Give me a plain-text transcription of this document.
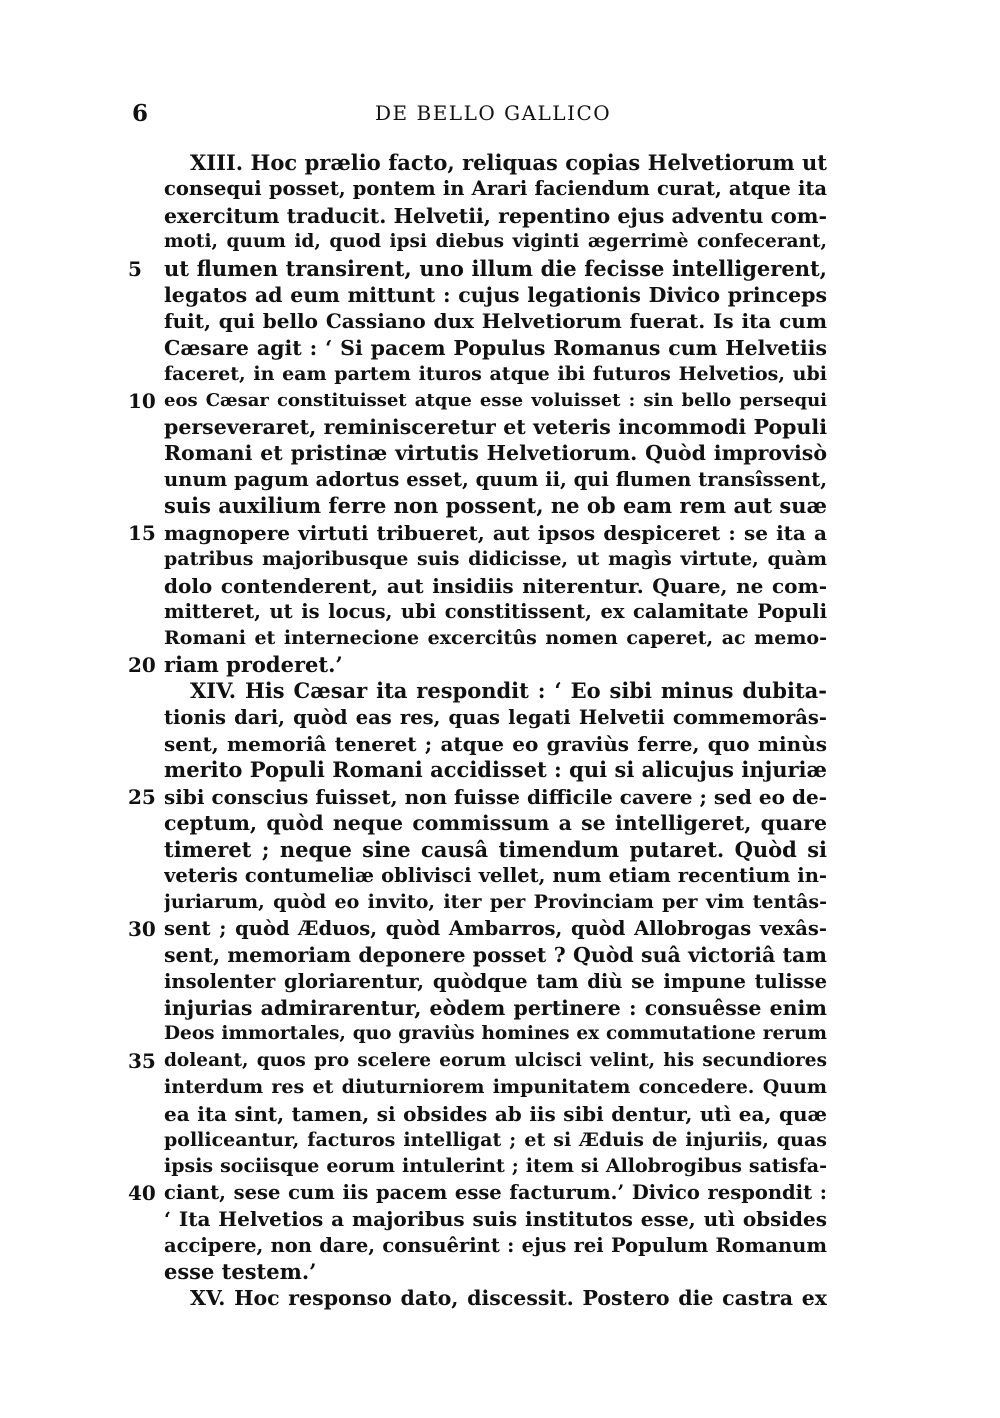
6	DE BELLO GALLICO
XIII. Hoc prælio facto, reliquas copias Helvetiorum ut
consequi posset, pontem in Arari faciendum curat, atque ita
exercitum traducit. Helvetii, repentino ejus adventu com-
moti, quum id, quod ipsi diebus viginti ægerrimè confecerant,
5	ut flumen transirent, uno illum die fecisse intelligerent,
legatos ad eum mittunt : cujus legationis Divico princeps
fuit, qui bello Cassiano dux Helvetiorum fuerat. Is ita cum
Cæsare agit : ‘ Si pacem Populus Romanus cum Helvetiis
faceret, in eam partem ituros atque ibi futuros Helvetios, ubi
10 eos Cæsar constituisset atque esse voluisset : sin bello persequi
perseveraret, reminisceretur et veteris incommodi Populi
Romani et pristinæ virtutis Helvetiorum. Quòd improvisò
unum pagum adortus esset, quum ii, qui flumen transîssent,
suis auxilium ferre non possent, ne ob eam rem aut suæ
15 magnopere virtuti tribueret, aut ipsos despiceret : se ita a
patribus majoribusque suis didicisse, ut magìs virtute, quàm
dolo contenderent, aut insidiis niterentur. Quare, ne com-
mitteret, ut is locus, ubi constitissent, ex calamitate Populi
Romani et internecione excercitûs nomen caperet, ac memo-
20 riam proderet.’
XIV. His Cæsar ita respondit : ‘ Eo sibi minus dubita-
tionis dari, quòd eas res, quas legati Helvetii commemorâs-
sent, memoriâ teneret ; atque eo graviùs ferre, quo minùs
merito Populi Romani accidisset : qui si alicujus injuriæ
25 sibi conscius fuisset, non fuisse difficile cavere ; sed eo de-
ceptum, quòd neque commissum a se intelligeret, quare
timeret ; neque sine causâ timendum putaret. Quòd si
veteris contumeliæ oblivisci vellet, num etiam recentium in-
juriarum, quòd eo invito, iter per Provinciam per vim tentâs-
30 sent ; quòd Æduos, quòd Ambarros, quòd Allobrogas vexâs-
sent, memoriam deponere posset ? Quòd suâ victoriâ tam
insolenter gloriarentur, quòdque tam diù se impune tulisse
injurias admirarentur, eòdem pertinere : consuêsse enim
Deos immortales, quo graviùs homines ex commutatione rerum
35 doleant, quos pro scelere eorum ulcisci velint, his secundiores
interdum res et diuturniorem impunitatem concedere. Quum
ea ita sint, tamen, si obsides ab iis sibi dentur, utì ea, quæ
polliceantur, facturos intelligat ; et si Æduis de injuriis, quas
ipsis sociisque eorum intulerint ; item si Allobrogibus satisfa-
40 ciant, sese cum iis pacem esse facturum.’ Divico respondit :
‘ Ita Helvetios a majoribus suis institutos esse, utì obsides
accipere, non dare, consuêrint : ejus rei Populum Romanum
esse testem.’
XV. Hoc responso dato, discessit. Postero die castra ex
